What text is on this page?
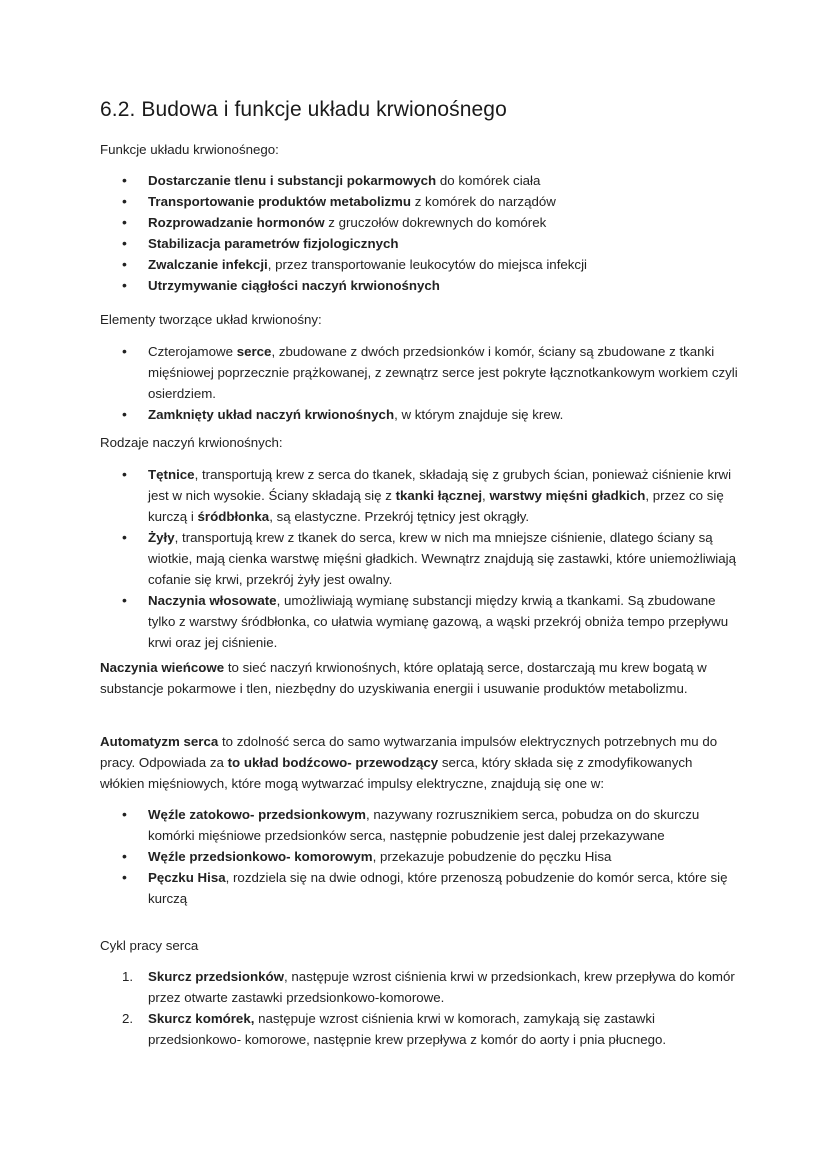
6.2. Budowa i funkcje układu krwionośnego

Funkcje układu krwionośnego:

• Dostarczanie tlenu i substancji pokarmowych do komórek ciała
• Transportowanie produktów metabolizmu z komórek do narządów
• Rozprowadzanie hormonów z gruczołów dokrewnych do komórek
• Stabilizacja parametrów fizjologicznych
• Zwalczanie infekcji, przez transportowanie leukocytów do miejsca infekcji
• Utrzymywanie ciągłości naczyń krwionośnych

Elementy tworzące układ krwionośny:

• Czterojamowe serce, zbudowane z dwóch przedsionków i komór, ściany są zbudowane z tkanki mięśniowej poprzecznie prążkowanej, z zewnątrz serce jest pokryte łącznotkankowym workiem czyli osierdziem.
• Zamknięty układ naczyń krwionośnych, w którym znajduje się krew.

Rodzaje naczyń krwionośnych:

• Tętnice, transportują krew z serca do tkanek, składają się z grubych ścian, ponieważ ciśnienie krwi jest w nich wysokie. Ściany składają się z tkanki łącznej, warstwy mięśni gładkich, przez co się kurczą i śródbłonka, są elastyczne. Przekrój tętnicy jest okrągły.
• Żyły, transportują krew z tkanek do serca, krew w nich ma mniejsze ciśnienie, dlatego ściany są wiotkie, mają cienka warstwę mięśni gładkich. Wewnątrz znajdują się zastawki, które uniemożliwiają cofanie się krwi, przekrój żyły jest owalny.
• Naczynia włosowate, umożliwiają wymianę substancji między krwią a tkankami. Są zbudowane tylko z warstwy śródbłonka, co ułatwia wymianę gazową, a wąski przekrój obniża tempo przepływu krwi oraz jej ciśnienie.

Naczynia wieńcowe to sieć naczyń krwionośnych, które oplatają serce, dostarczają mu krew bogatą w substancje pokarmowe i tlen, niezbędny do uzyskiwania energii i usuwanie produktów metabolizmu.

Automatyzm serca to zdolność serca do samo wytwarzania impulsów elektrycznych potrzebnych mu do pracy. Odpowiada za to układ bodźcowo- przewodzący serca, który składa się z zmodyfikowanych włókien mięśniowych, które mogą wytwarzać impulsy elektryczne, znajdują się one w:

• Węźle zatokowo- przedsionkowym, nazywany rozrusznikiem serca, pobudza on do skurczu komórki mięśniowe przedsionków serca, następnie pobudzenie jest dalej przekazywane
• Węźle przedsionkowo- komorowym, przekazuje pobudzenie do pęczku Hisa
• Pęczku Hisa, rozdziela się na dwie odnogi, które przenoszą pobudzenie do komór serca, które się kurczą

Cykl pracy serca

1. Skurcz przedsionków, następuje wzrost ciśnienia krwi w przedsionkach, krew przepływa do komór przez otwarte zastawki przedsionkowo-komorowe.
2. Skurcz komórek, następuje wzrost ciśnienia krwi w komorach, zamykają się zastawki przedsionkowo- komorowe, następnie krew przepływa z komór do aorty i pnia płucnego.
